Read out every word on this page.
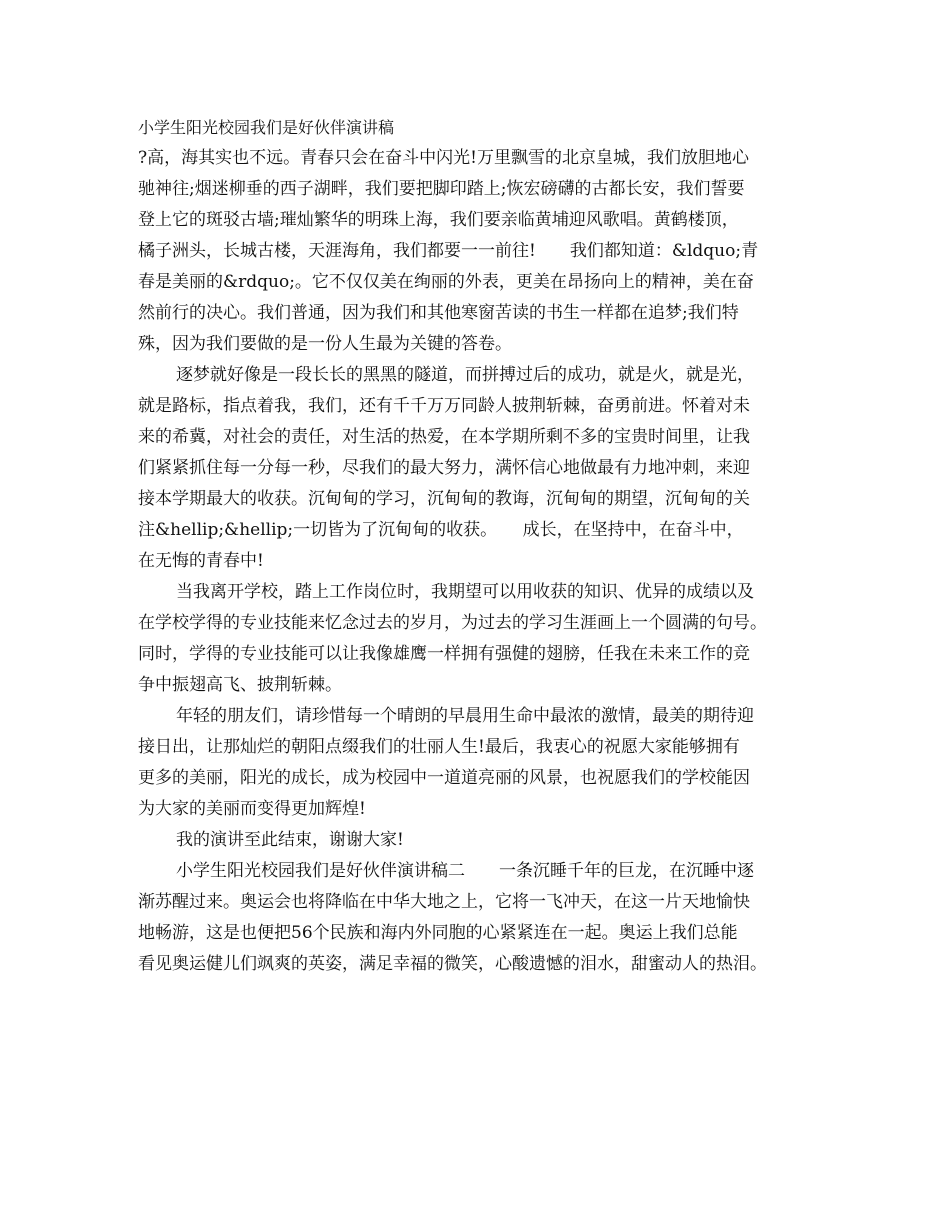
小学生阳光校园我们是好伙伴演讲稿
?高，海其实也不远。青春只会在奋斗中闪光!万里飘雪的北京皇城，我们放胆地心
驰神往;烟迷柳垂的西子湖畔，我们要把脚印踏上;恢宏磅礴的古都长安，我们誓要
登上它的斑驳古墙;璀灿繁华的明珠上海，我们要亲临黄埔迎风歌唱。黄鹤楼顶，
橘子洲头，长城古楼，天涯海角，我们都要一一前往!　　我们都知道：&ldquo;青
春是美丽的&rdquo;。它不仅仅美在绚丽的外表，更美在昂扬向上的精神，美在奋
然前行的决心。我们普通，因为我们和其他寒窗苦读的书生一样都在追梦;我们特
殊，因为我们要做的是一份人生最为关键的答卷。
逐梦就好像是一段长长的黑黑的隧道，而拼搏过后的成功，就是火，就是光，
就是路标，指点着我，我们，还有千千万万同龄人披荆斩棘，奋勇前进。怀着对未
来的希冀，对社会的责任，对生活的热爱，在本学期所剩不多的宝贵时间里，让我
们紧紧抓住每一分每一秒，尽我们的最大努力，满怀信心地做最有力地冲刺，来迎
接本学期最大的收获。沉甸甸的学习，沉甸甸的教诲，沉甸甸的期望，沉甸甸的关
注&hellip;&hellip;一切皆为了沉甸甸的收获。　　成长，在坚持中，在奋斗中，
在无悔的青春中!
当我离开学校，踏上工作岗位时，我期望可以用收获的知识、优异的成绩以及
在学校学得的专业技能来忆念过去的岁月，为过去的学习生涯画上一个圆满的句号。
同时，学得的专业技能可以让我像雄鹰一样拥有强健的翅膀，任我在未来工作的竞
争中振翅高飞、披荆斩棘。
年轻的朋友们，请珍惜每一个晴朗的早晨用生命中最浓的激情，最美的期待迎
接日出，让那灿烂的朝阳点缀我们的壮丽人生!最后，我衷心的祝愿大家能够拥有
更多的美丽，阳光的成长，成为校园中一道道亮丽的风景，也祝愿我们的学校能因
为大家的美丽而变得更加辉煌!
我的演讲至此结束，谢谢大家!
小学生阳光校园我们是好伙伴演讲稿二　　一条沉睡千年的巨龙，在沉睡中逐
渐苏醒过来。奥运会也将降临在中华大地之上，它将一飞冲天，在这一片天地愉快
地畅游，这是也便把56个民族和海内外同胞的心紧紧连在一起。奥运上我们总能
看见奥运健儿们飒爽的英姿，满足幸福的微笑，心酸遗憾的泪水，甜蜜动人的热泪。
